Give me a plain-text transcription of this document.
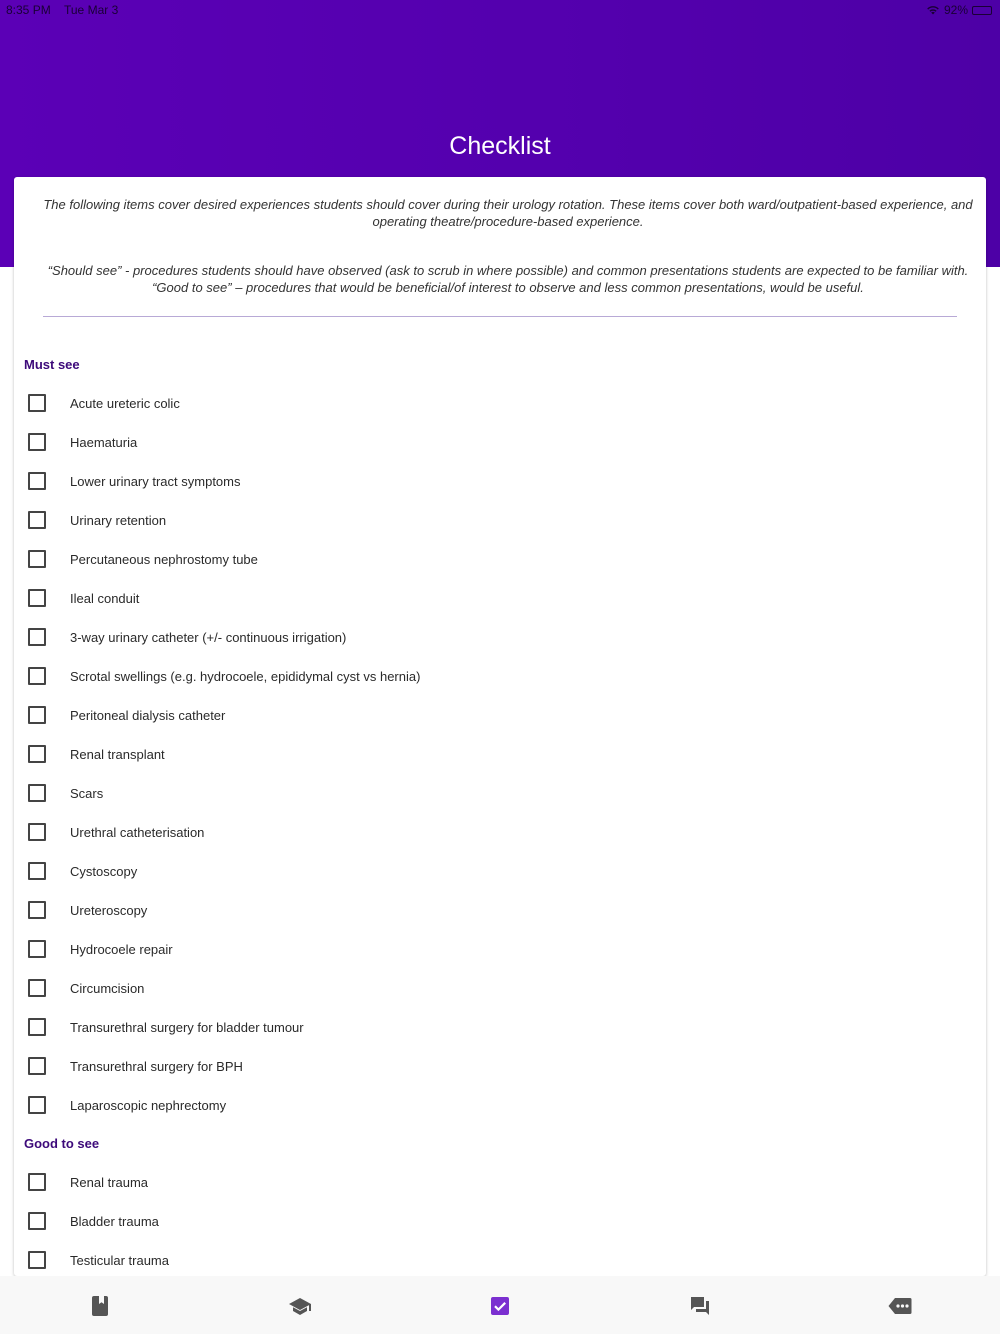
8:35 PM Tue Mar 3	92%
Checklist

The following items cover desired experiences students should cover during their urology rotation. These items cover both ward/outpatient-based experience, and operating theatre/procedure-based experience.

“Should see” - procedures students should have observed (ask to scrub in where possible) and common presentations students are expected to be familiar with. “Good to see” – procedures that would be beneficial/of interest to observe and less common presentations, would be useful.

Must see
Acute ureteric colic
Haematuria
Lower urinary tract symptoms
Urinary retention
Percutaneous nephrostomy tube
Ileal conduit
3-way urinary catheter (+/- continuous irrigation)
Scrotal swellings (e.g. hydrocoele, epididymal cyst vs hernia)
Peritoneal dialysis catheter
Renal transplant
Scars
Urethral catheterisation
Cystoscopy
Ureteroscopy
Hydrocoele repair
Circumcision
Transurethral surgery for bladder tumour
Transurethral surgery for BPH
Laparoscopic nephrectomy
Good to see
Renal trauma
Bladder trauma
Testicular trauma
